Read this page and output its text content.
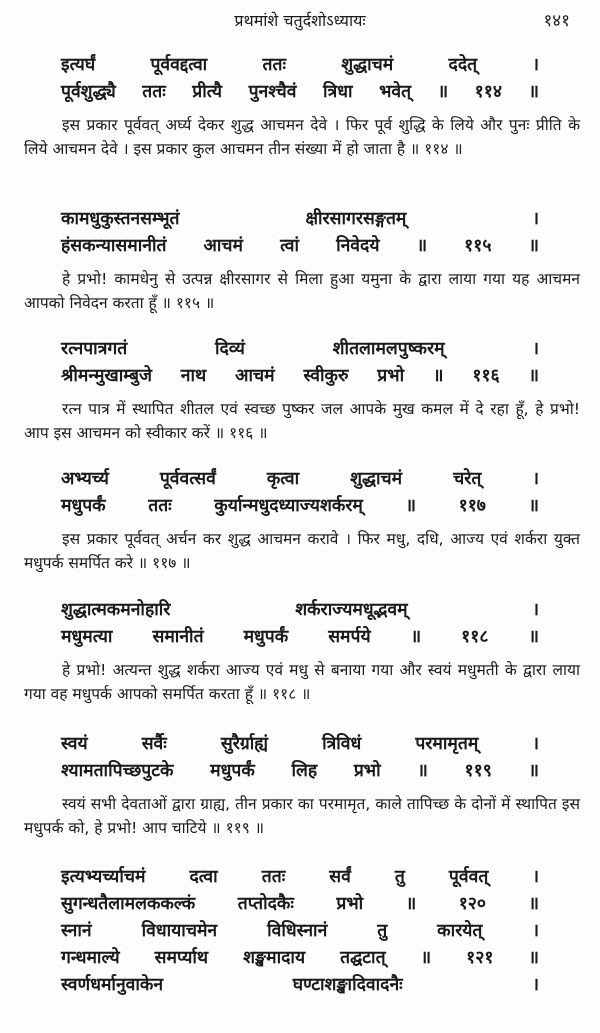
प्रथमांशे चतुर्दशोऽध्यायः	१४१
इत्यर्घं पूर्ववद्दत्वा ततः शुद्धाचमं ददेत् ।
पूर्वशुद्ध्यै ततः प्रीत्यै पुनश्चैवं त्रिधा भवेत् ॥ ११४ ॥

इस प्रकार पूर्ववत् अर्घ्य देकर शुद्ध आचमन देवे । फिर पूर्व शुद्धि के लिये और पुनः प्रीति के लिये आचमन देवे । इस प्रकार कुल आचमन तीन संख्या में हो जाता है ॥ ११४ ॥

कामधुकुस्तनसम्भूतं क्षीरसागरसङ्गतम् ।
हंसकन्यासमानीतं आचमं त्वां निवेदये ॥ ११५ ॥

हे प्रभो! कामधेनु से उत्पन्न क्षीरसागर से मिला हुआ यमुना के द्वारा लाया गया यह आचमन आपको निवेदन करता हूँ ॥ ११५ ॥

रत्नपात्रगतं दिव्यं शीतलामलपुष्करम् ।
श्रीमन्मुखाम्बुजे नाथ आचमं स्वीकुरु प्रभो ॥ ११६ ॥

रत्न पात्र में स्थापित शीतल एवं स्वच्छ पुष्कर जल आपके मुख कमल में दे रहा हूँ, हे प्रभो! आप इस आचमन को स्वीकार करें ॥ ११६ ॥

अभ्यर्च्य पूर्ववत्सर्वं कृत्वा शुद्धाचमं चरेत् ।
मधुपर्कं ततः कुर्यान्मधुदध्याज्यशर्करम् ॥ ११७ ॥

इस प्रकार पूर्ववत् अर्चन कर शुद्ध आचमन करावे । फिर मधु, दधि, आज्य एवं शर्करा युक्त मधुपर्क समर्पित करे ॥ ११७ ॥

शुद्धात्मकमनोहारि शर्कराज्यमधूद्भवम् ।
मधुमत्या समानीतं मधुपर्कं समर्पये ॥ ११८ ॥

हे प्रभो! अत्यन्त शुद्ध शर्करा आज्य एवं मधु से बनाया गया और स्वयं मधुमती के द्वारा लाया गया वह मधुपर्क आपको समर्पित करता हूँ ॥ ११८ ॥

स्वयं सर्वैः सुरैर्ग्राह्यं त्रिविधं परमामृतम् ।
श्यामतापिच्छपुटके मधुपर्कं लिह प्रभो ॥ ११९ ॥

स्वयं सभी देवताओं द्वारा ग्राह्य, तीन प्रकार का परमामृत, काले तापिच्छ के दोनों में स्थापित इस मधुपर्क को, हे प्रभो! आप चाटिये ॥ ११९ ॥

इत्यभ्यर्च्याचमं दत्वा ततः सर्वं तु पूर्ववत् ।
सुगन्धतैलामलककल्कं तप्तोदकैः प्रभो ॥ १२० ॥
स्नानं विधायाचमेन विधिस्नानं तु कारयेत् ।
गन्धमाल्ये समर्प्याथ शङ्खमादाय तद्घटात् ॥ १२१ ॥
स्वर्णधर्मानुवाकेन घण्टाशङ्खादिवादनैः ।
